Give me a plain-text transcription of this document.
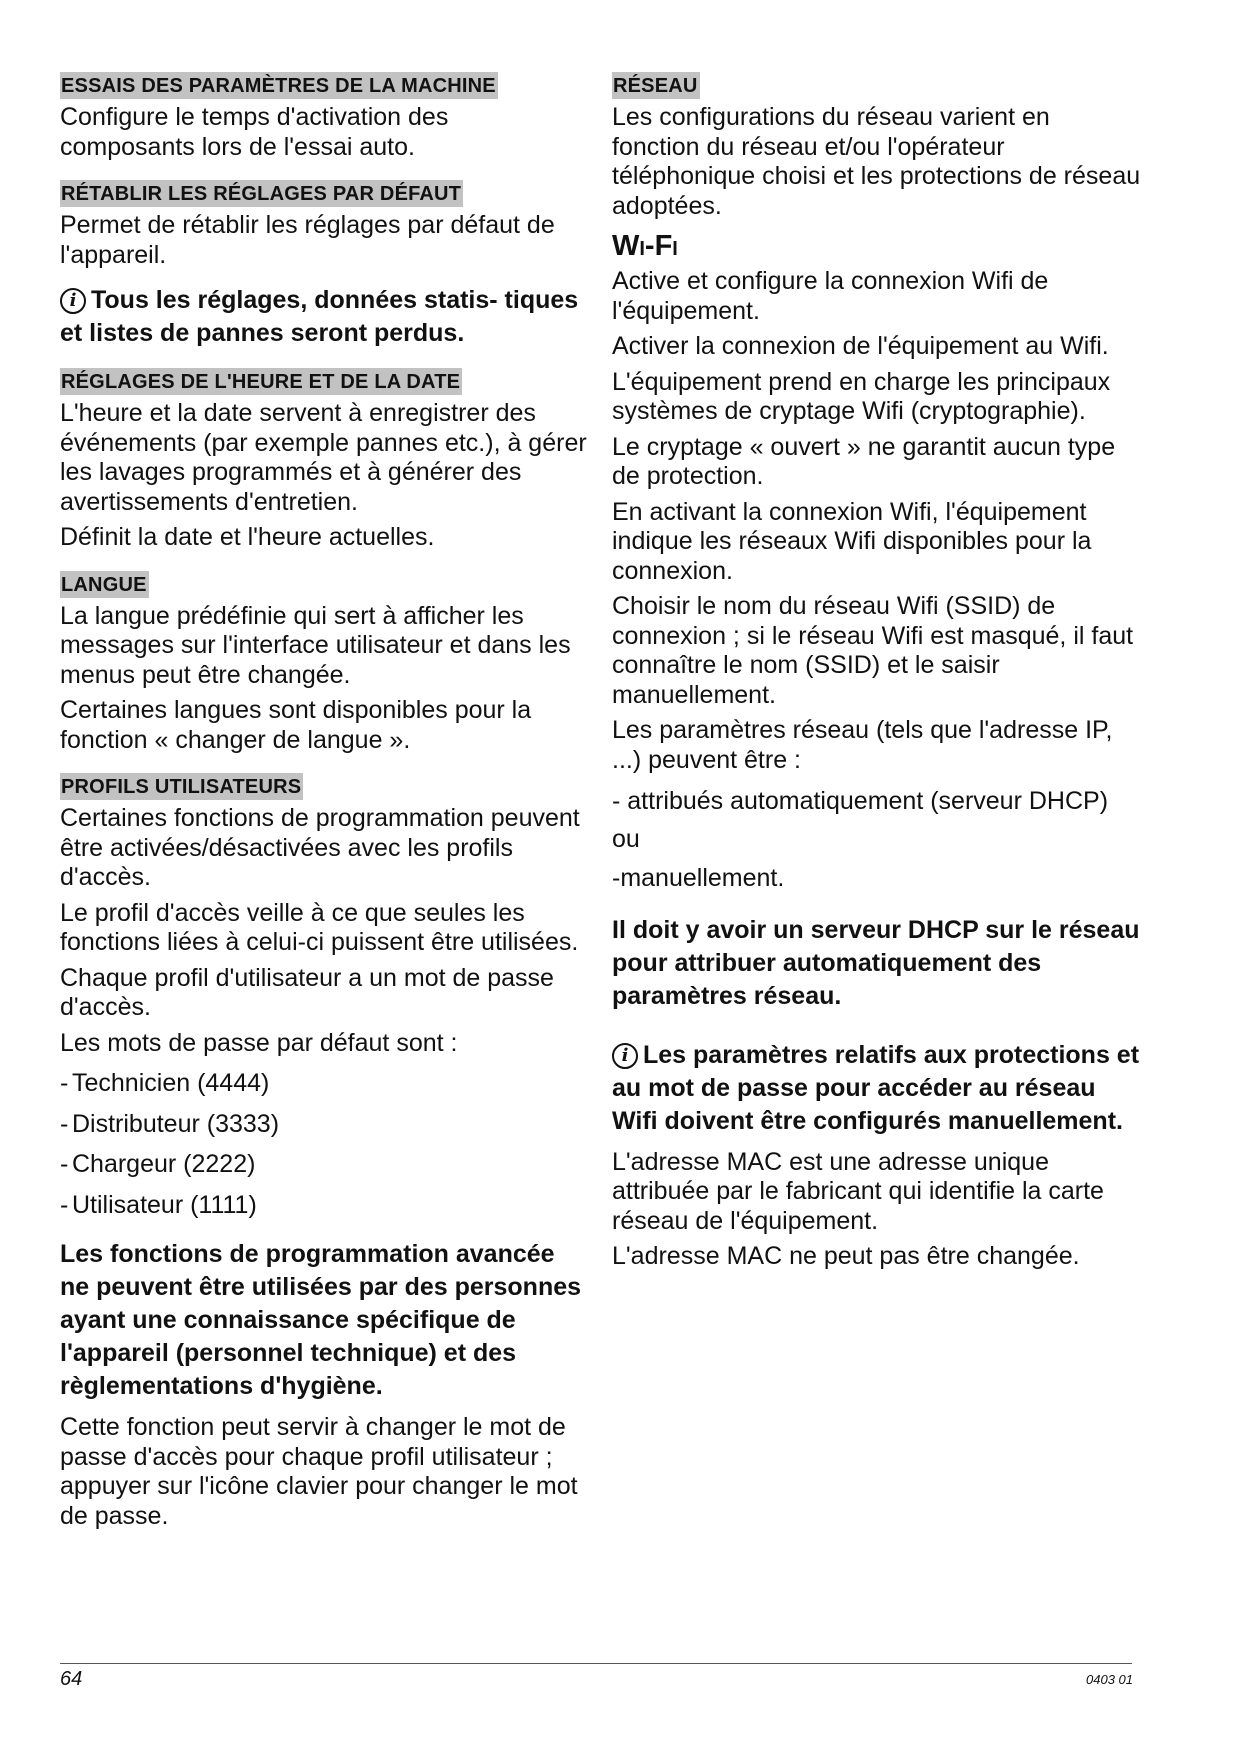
ESSAIS DES PARAMÈTRES DE LA MACHINE
Configure le temps d'activation des composants lors de l'essai auto.
RÉTABLIR LES RÉGLAGES PAR DÉFAUT
Permet de rétablir les réglages par défaut de l'appareil.
i Tous les réglages, données statis- tiques et listes de pannes seront perdus.
RÉGLAGES DE L'HEURE ET DE LA DATE
L'heure et la date servent à enregistrer des événements (par exemple pannes etc.), à gérer les lavages programmés et à générer des avertissements d'entretien.
Définit la date et l'heure actuelles.
LANGUE
La langue prédéfinie qui sert à afficher les messages sur l'interface utilisateur et dans les menus peut être changée.
Certaines langues sont disponibles pour la fonction « changer de langue ».
PROFILS UTILISATEURS
Certaines fonctions de programmation peuvent être activées/désactivées avec les profils d'accès.
Le profil d'accès veille à ce que seules les fonctions liées à celui-ci puissent être utilisées.
Chaque profil d'utilisateur a un mot de passe d'accès.
Les mots de passe par défaut sont :
- Technicien (4444)
- Distributeur (3333)
- Chargeur (2222)
- Utilisateur (1111)
Les fonctions de programmation avancée ne peuvent être utilisées par des personnes ayant une connaissance spécifique de l'appareil (personnel technique) et des règlementations d'hygiène.
Cette fonction peut servir à changer le mot de passe d'accès pour chaque profil utilisateur ; appuyer sur l'icône clavier pour changer le mot de passe.
RÉSEAU
Les configurations du réseau varient en fonction du réseau et/ou l'opérateur téléphonique choisi et les protections de réseau adoptées.
Wi-Fi
Active et configure la connexion Wifi de l'équipement.
Activer la connexion de l'équipement au Wifi.
L'équipement prend en charge les principaux systèmes de cryptage Wifi (cryptographie).
Le cryptage « ouvert » ne garantit aucun type de protection.
En activant la connexion Wifi, l'équipement indique les réseaux Wifi disponibles pour la connexion.
Choisir le nom du réseau Wifi (SSID) de connexion ; si le réseau Wifi est masqué, il faut connaître le nom (SSID) et le saisir manuellement.
Les paramètres réseau (tels que l'adresse IP, ...) peuvent être :
- attribués automatiquement (serveur DHCP)
ou
-manuellement.
Il doit y avoir un serveur DHCP sur le réseau pour attribuer automatiquement des paramètres réseau.
i Les paramètres relatifs aux protections et au mot de passe pour accéder au réseau Wifi doivent être configurés manuellement.
L'adresse MAC est une adresse unique attribuée par le fabricant qui identifie la carte réseau de l'équipement.
L'adresse MAC ne peut pas être changée.
64	0403 01
